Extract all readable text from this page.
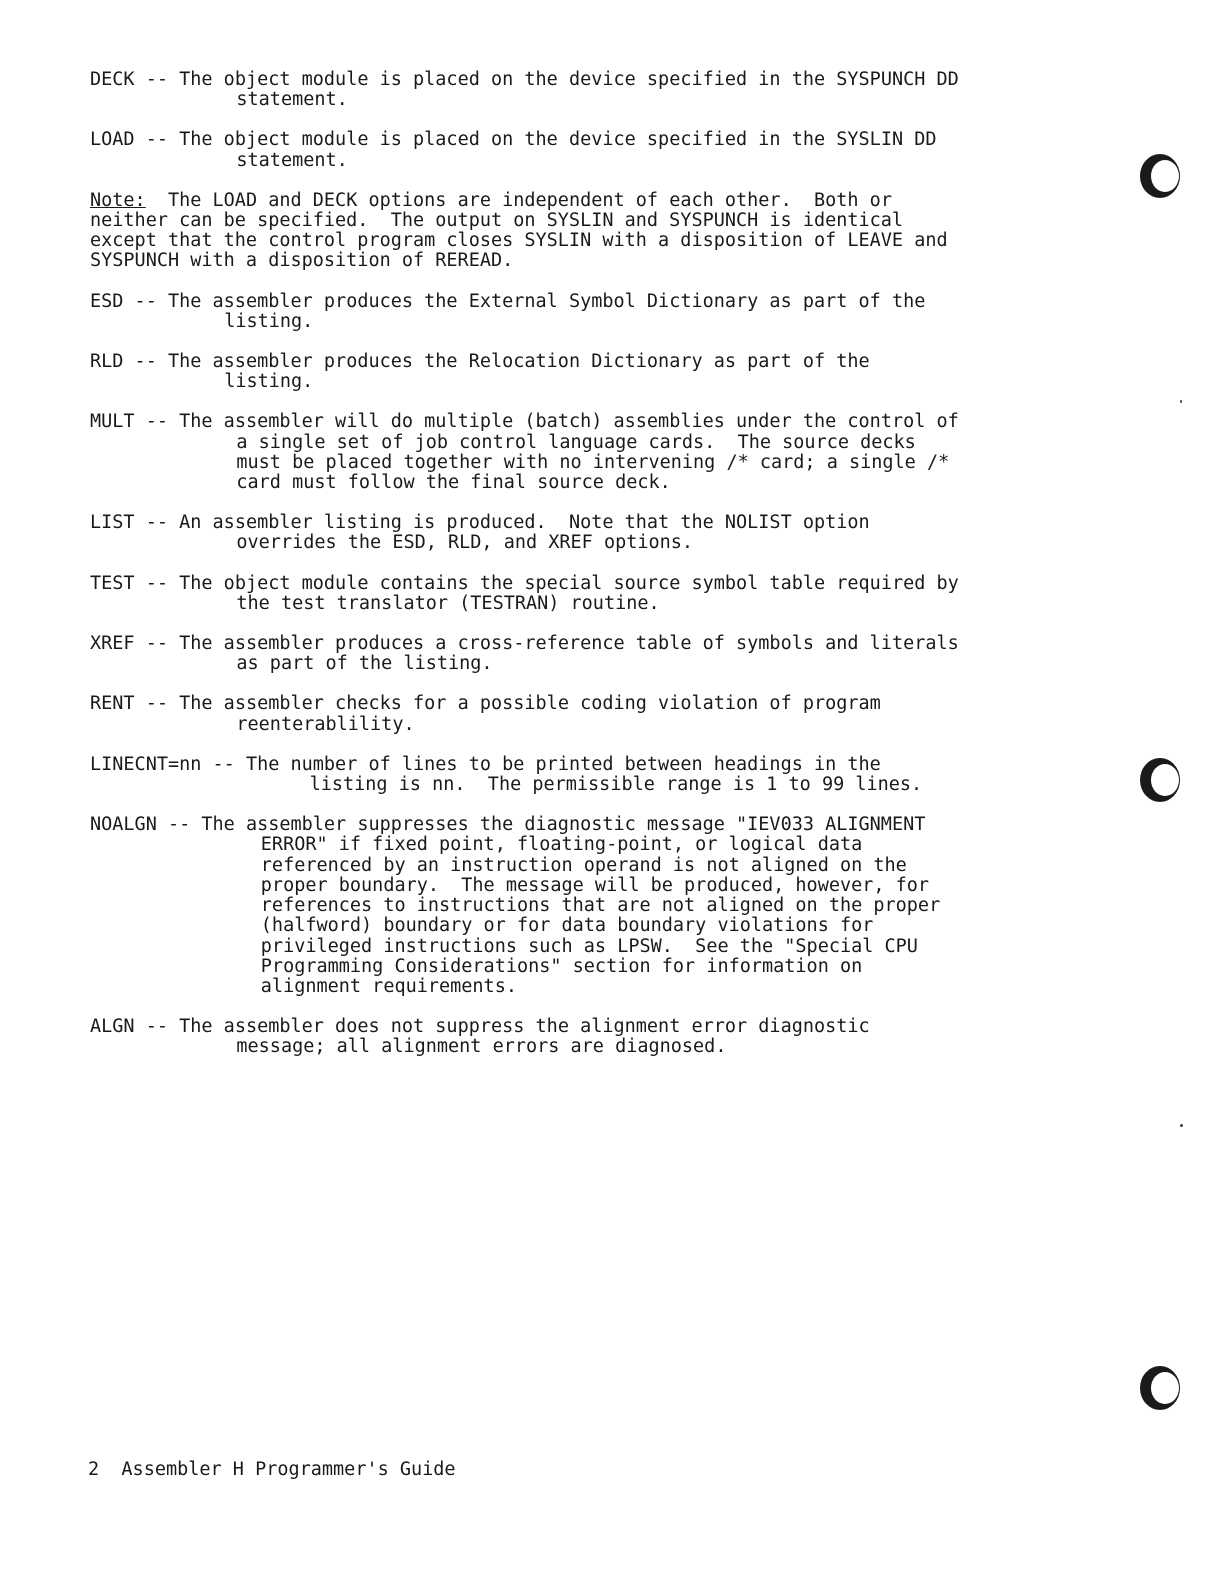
DECK -- The object module is placed on the device specified in the SYSPUNCH DD statement.
LOAD -- The object module is placed on the device specified in the SYSLIN DD statement.
Note: The LOAD and DECK options are independent of each other.  Both or neither can be specified.  The output on SYSLIN and SYSPUNCH is identical except that the control program closes SYSLIN with a disposition of LEAVE and SYSPUNCH with a disposition of REREAD.
ESD -- The assembler produces the External Symbol Dictionary as part of the listing.
RLD -- The assembler produces the Relocation Dictionary as part of the listing.
MULT -- The assembler will do multiple (batch) assemblies under the control of a single set of job control language cards.  The source decks must be placed together with no intervening /* card; a single /* card must follow the final source deck.
LIST -- An assembler listing is produced.  Note that the NOLIST option overrides the ESD, RLD, and XREF options.
TEST -- The object module contains the special source symbol table required by the test translator (TESTRAN) routine.
XREF -- The assembler produces a cross-reference table of symbols and literals as part of the listing.
RENT -- The assembler checks for a possible coding violation of program reenterablility.
LINECNT=nn -- The number of lines to be printed between headings in the listing is nn.  The permissible range is 1 to 99 lines.
NOALGN -- The assembler suppresses the diagnostic message "IEV033 ALIGNMENT ERROR" if fixed point, floating-point, or logical data referenced by an instruction operand is not aligned on the proper boundary.  The message will be produced, however, for references to instructions that are not aligned on the proper (halfword) boundary or for data boundary violations for privileged instructions such as LPSW.  See the "Special CPU Programming Considerations" section for information on alignment requirements.
ALGN -- The assembler does not suppress the alignment error diagnostic message; all alignment errors are diagnosed.
2 Assembler H Programmer's Guide
